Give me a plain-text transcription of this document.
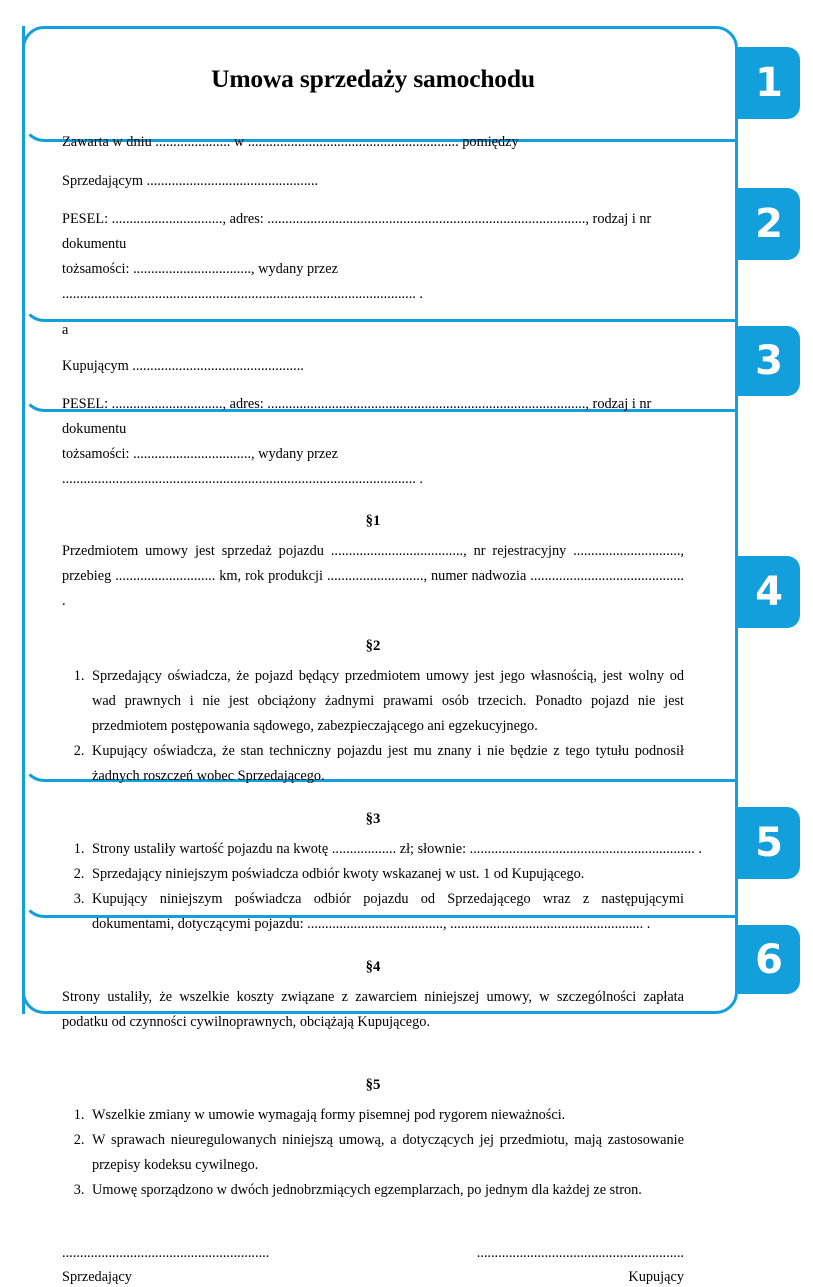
1
2
3
4
5
6
Umowa sprzedaży samochodu

Zawarta w dniu ..................... w ........................................................... pomiędzy

Sprzedającym ................................................

PESEL: ..............................., adres: ........................................................................................., rodzaj i nr dokumentu

tożsamości: ................................., wydany przez ................................................................................................... .

a

Kupującym ................................................

PESEL: ..............................., adres: ........................................................................................., rodzaj i nr dokumentu

tożsamości: ................................., wydany przez ................................................................................................... .

§1

Przedmiotem umowy jest sprzedaż pojazdu ....................................., nr rejestracyjny .............................., przebieg ............................ km, rok produkcji ..........................., numer nadwozia ........................................... .

§2

1. Sprzedający oświadcza, że pojazd będący przedmiotem umowy jest jego własnością, jest wolny od wad prawnych i nie jest obciążony żadnymi prawami osób trzecich. Ponadto pojazd nie jest przedmiotem postępowania sądowego, zabezpieczającego ani egzekucyjnego.
2. Kupujący oświadcza, że stan techniczny pojazdu jest mu znany i nie będzie z tego tytułu podnosił żadnych roszczeń wobec Sprzedającego.

§3

1. Strony ustaliły wartość pojazdu na kwotę .................. zł; słownie: ............................................................... .
2. Sprzedający niniejszym poświadcza odbiór kwoty wskazanej w ust. 1 od Kupującego.
3. Kupujący niniejszym poświadcza odbiór pojazdu od Sprzedającego wraz z następującymi dokumentami, dotyczącymi pojazdu: ......................................, ...................................................... .

§4

Strony ustaliły, że wszelkie koszty związane z zawarciem niniejszej umowy, w szczególności zapłata podatku od czynności cywilnoprawnych, obciążają Kupującego.

§5

1. Wszelkie zmiany w umowie wymagają formy pisemnej pod rygorem nieważności.
2. W sprawach nieuregulowanych niniejszą umową, a dotyczących jej przedmiotu, mają zastosowanie przepisy kodeksu cywilnego.
3. Umowę sporządzono w dwóch jednobrzmiących egzemplarzach, po jednym dla każdej ze stron.
..........................................................
Sprzedający
..........................................................
Kupujący
